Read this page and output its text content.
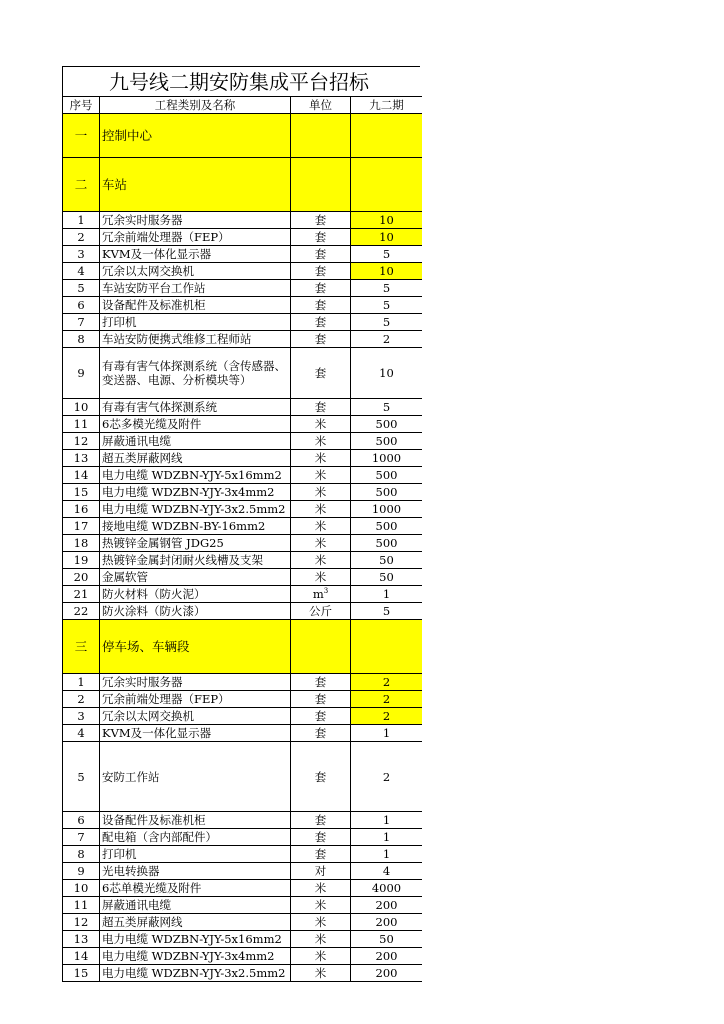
九号线二期安防集成平台招标
序号	工程类别及名称	单位	九二期
一	控制中心		
二	车站		
1	冗余实时服务器	套	10
2	冗余前端处理器（FEP）	套	10
3	KVM及一体化显示器	套	5
4	冗余以太网交换机	套	10
5	车站安防平台工作站	套	5
6	设备配件及标准机柜	套	5
7	打印机	套	5
8	车站安防便携式维修工程师站	套	2
9	有毒有害气体探测系统（含传感器、变送器、电源、分析模块等）	套	10
10	有毒有害气体探测系统	套	5
11	6芯多模光缆及附件	米	500
12	屏蔽通讯电缆	米	500
13	超五类屏蔽网线	米	1000
14	电力电缆 WDZBN-YJY-5x16mm2	米	500
15	电力电缆 WDZBN-YJY-3x4mm2	米	500
16	电力电缆 WDZBN-YJY-3x2.5mm2	米	1000
17	接地电缆 WDZBN-BY-16mm2	米	500
18	热镀锌金属钢管 JDG25	米	500
19	热镀锌金属封闭耐火线槽及支架	米	50
20	金属软管	米	50
21	防火材料（防火泥）	$m^3$	1
22	防火涂料（防火漆）	公斤	5
三	停车场、车辆段		
1	冗余实时服务器	套	2
2	冗余前端处理器（FEP）	套	2
3	冗余以太网交换机	套	2
4	KVM及一体化显示器	套	1
5	安防工作站	套	2
6	设备配件及标准机柜	套	1
7	配电箱（含内部配件）	套	1
8	打印机	套	1
9	光电转换器	对	4
10	6芯单模光缆及附件	米	4000
11	屏蔽通讯电缆	米	200
12	超五类屏蔽网线	米	200
13	电力电缆 WDZBN-YJY-5x16mm2	米	50
14	电力电缆 WDZBN-YJY-3x4mm2	米	200
15	电力电缆 WDZBN-YJY-3x2.5mm2	米	200
